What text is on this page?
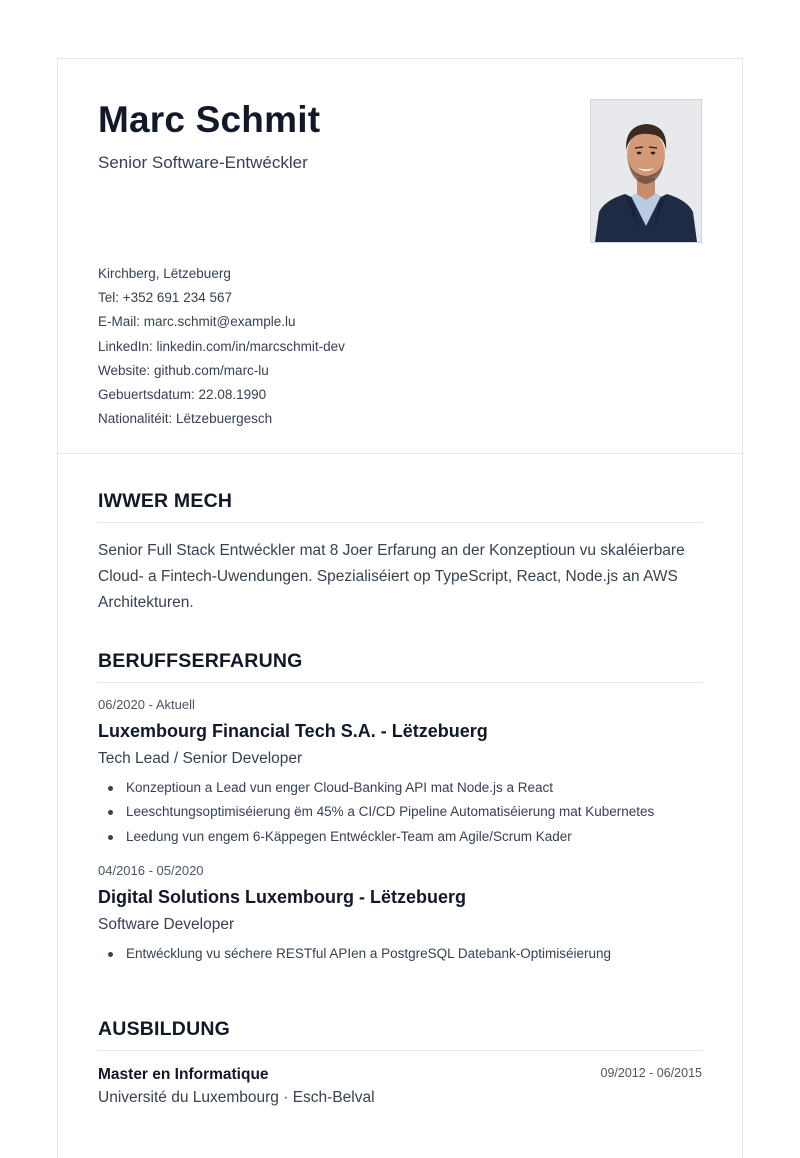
Marc Schmit
Senior Software-Entwéckler
Kirchberg, Lëtzebuerg
Tel: +352 691 234 567
E-Mail: marc.schmit@example.lu
LinkedIn: linkedin.com/in/marcschmit-dev
Website: github.com/marc-lu
Gebuertsdatum: 22.08.1990
Nationalitéit: Lëtzebuergesch
IWWER MECH
Senior Full Stack Entwéckler mat 8 Joer Erfarung an der Konzeptioun vu skaléierbare Cloud- a Fintech-Uwendungen. Spezialiséiert op TypeScript, React, Node.js an AWS Architekturen.
BERUFFSERFARUNG
06/2020 - Aktuell
Luxembourg Financial Tech S.A. - Lëtzebuerg
Tech Lead / Senior Developer
Konzeptioun a Lead vun enger Cloud-Banking API mat Node.js a React
Leeschtungsoptimiséierung ëm 45% a CI/CD Pipeline Automatiséierung mat Kubernetes
Leedung vun engem 6-Käppegen Entwéckler-Team am Agile/Scrum Kader
04/2016 - 05/2020
Digital Solutions Luxembourg - Lëtzebuerg
Software Developer
Entwécklung vu séchere RESTful APIen a PostgreSQL Datebank-Optimiséierung
AUSBILDUNG
Master en Informatique
Université du Luxembourg · Esch-Belval
09/2012 - 06/2015
